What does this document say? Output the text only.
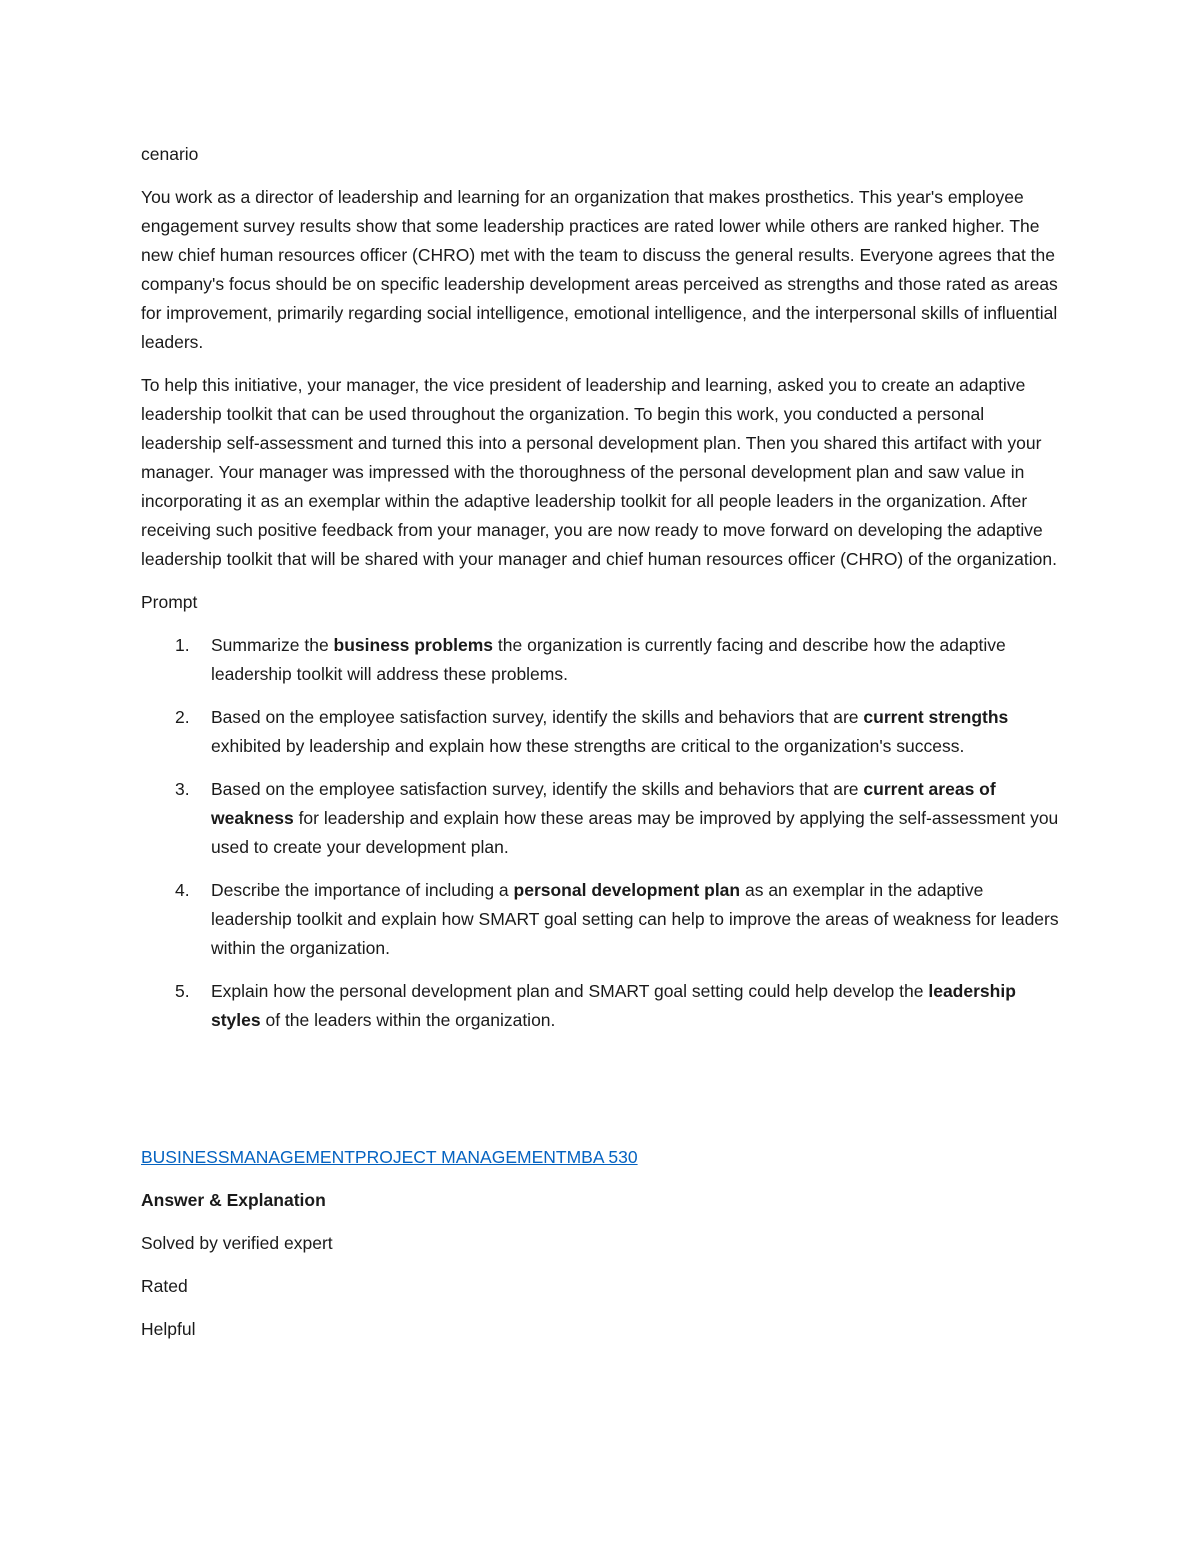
cenario

You work as a director of leadership and learning for an organization that makes prosthetics. This year's employee engagement survey results show that some leadership practices are rated lower while others are ranked higher. The new chief human resources officer (CHRO) met with the team to discuss the general results. Everyone agrees that the company's focus should be on specific leadership development areas perceived as strengths and those rated as areas for improvement, primarily regarding social intelligence, emotional intelligence, and the interpersonal skills of influential leaders.

To help this initiative, your manager, the vice president of leadership and learning, asked you to create an adaptive leadership toolkit that can be used throughout the organization. To begin this work, you conducted a personal leadership self-assessment and turned this into a personal development plan. Then you shared this artifact with your manager. Your manager was impressed with the thoroughness of the personal development plan and saw value in incorporating it as an exemplar within the adaptive leadership toolkit for all people leaders in the organization. After receiving such positive feedback from your manager, you are now ready to move forward on developing the adaptive leadership toolkit that will be shared with your manager and chief human resources officer (CHRO) of the organization.

Prompt

1. Summarize the business problems the organization is currently facing and describe how the adaptive leadership toolkit will address these problems.
2. Based on the employee satisfaction survey, identify the skills and behaviors that are current strengths exhibited by leadership and explain how these strengths are critical to the organization's success.
3. Based on the employee satisfaction survey, identify the skills and behaviors that are current areas of weakness for leadership and explain how these areas may be improved by applying the self-assessment you used to create your development plan.
4. Describe the importance of including a personal development plan as an exemplar in the adaptive leadership toolkit and explain how SMART goal setting can help to improve the areas of weakness for leaders within the organization.
5. Explain how the personal development plan and SMART goal setting could help develop the leadership styles of the leaders within the organization.

BUSINESSMANAGEMENTPROJECT MANAGEMENTMBA 530

Answer & Explanation

Solved by verified expert

Rated

Helpful
